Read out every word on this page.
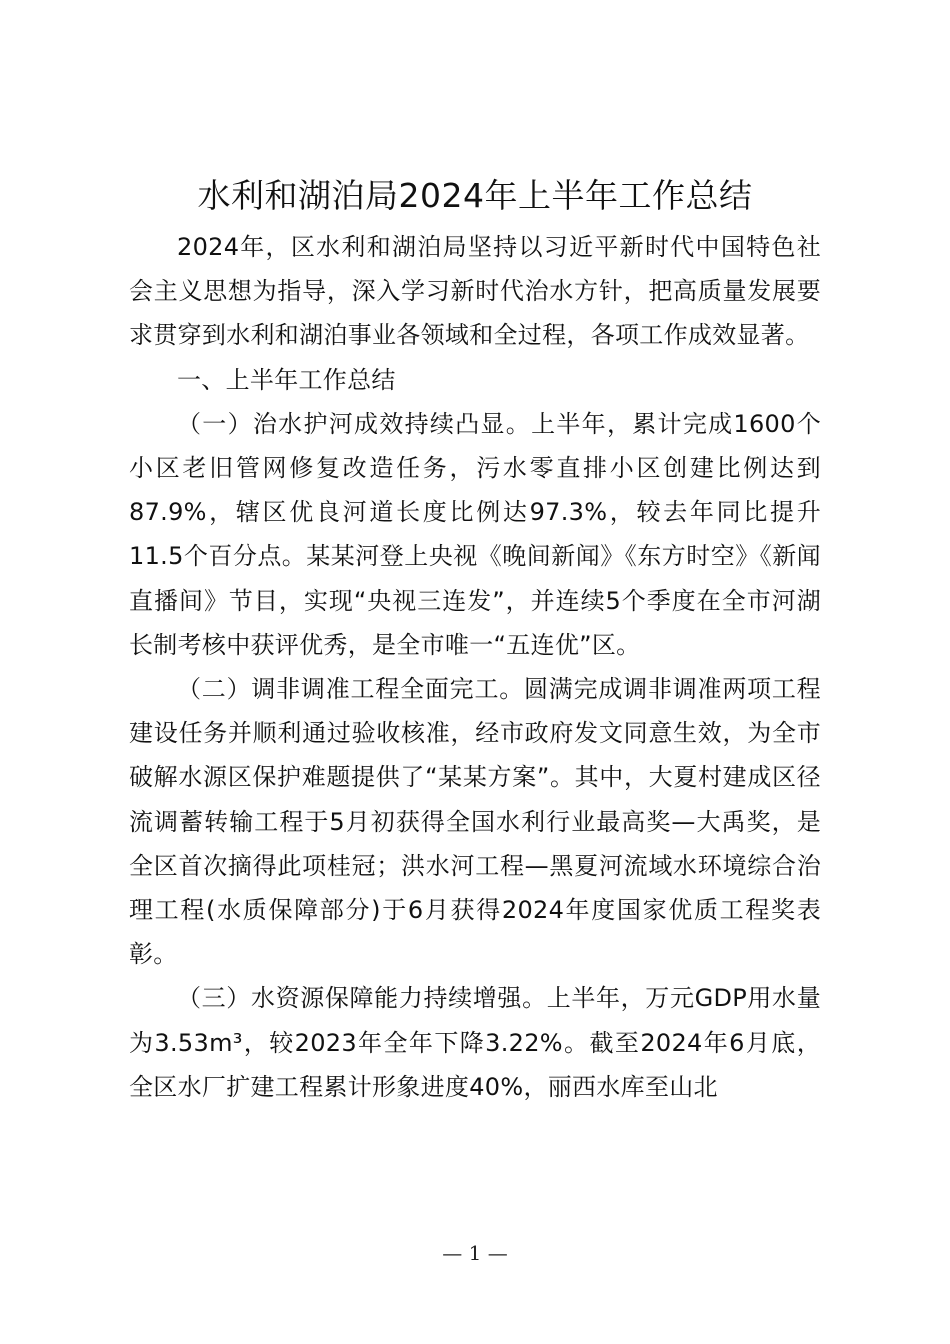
水利和湖泊局2024年上半年工作总结

2024年，区水利和湖泊局坚持以习近平新时代中国特色社会主义思想为指导，深入学习新时代治水方针，把高质量发展要求贯穿到水利和湖泊事业各领域和全过程，各项工作成效显著。

一、上半年工作总结

（一）治水护河成效持续凸显。上半年，累计完成1600个小区老旧管网修复改造任务，污水零直排小区创建比例达到87.9%，辖区优良河道长度比例达97.3%，较去年同比提升11.5个百分点。某某河登上央视《晚间新闻》《东方时空》《新闻直播间》节目，实现“央视三连发”，并连续5个季度在全市河湖长制考核中获评优秀，是全市唯一“五连优”区。

（二）调非调准工程全面完工。圆满完成调非调准两项工程建设任务并顺利通过验收核准，经市政府发文同意生效，为全市破解水源区保护难题提供了“某某方案”。其中，大夏村建成区径流调蓄转输工程于5月初获得全国水利行业最高奖—大禹奖，是全区首次摘得此项桂冠；洪水河工程—黑夏河流域水环境综合治理工程(水质保障部分)于6月获得2024年度国家优质工程奖表彰。

（三）水资源保障能力持续增强。上半年，万元GDP用水量为3.53m³，较2023年全年下降3.22%。截至2024年6月底，全区水厂扩建工程累计形象进度40%，丽西水库至山北

— 1 —
